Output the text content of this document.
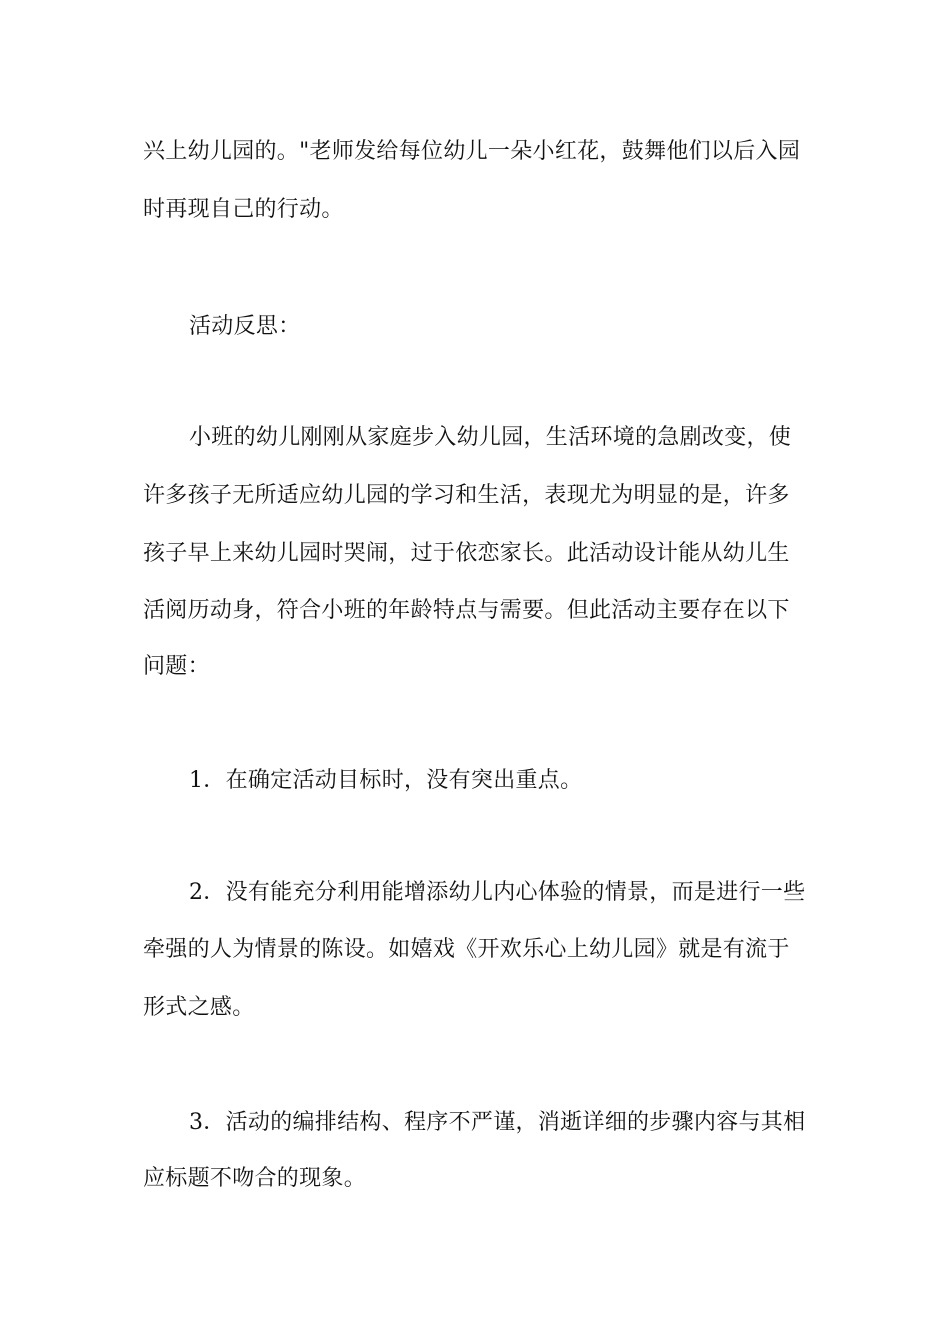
兴上幼儿园的。"老师发给每位幼儿一朵小红花，鼓舞他们以后入园
时再现自己的行动。
活动反思：
小班的幼儿刚刚从家庭步入幼儿园，生活环境的急剧改变，使
许多孩子无所适应幼儿园的学习和生活，表现尤为明显的是，许多
孩子早上来幼儿园时哭闹，过于依恋家长。此活动设计能从幼儿生
活阅历动身，符合小班的年龄特点与需要。但此活动主要存在以下
问题：
1．在确定活动目标时，没有突出重点。
2．没有能充分利用能增添幼儿内心体验的情景，而是进行一些
牵强的人为情景的陈设。如嬉戏《开欢乐心上幼儿园》就是有流于
形式之感。
3．活动的编排结构、程序不严谨，消逝详细的步骤内容与其相
应标题不吻合的现象。
